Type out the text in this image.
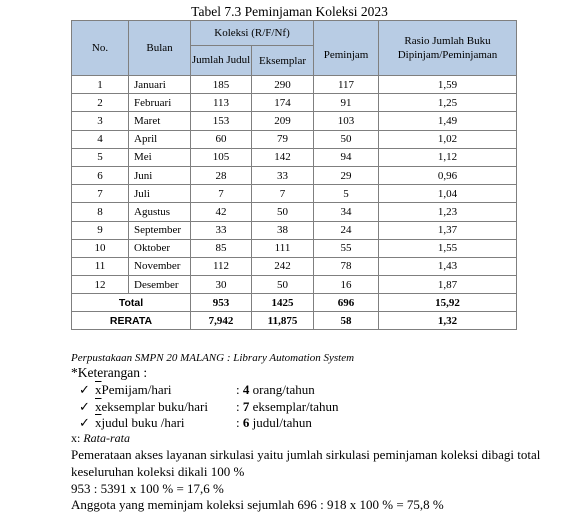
Tabel 7.3 Peminjaman Koleksi 2023
No.	Bulan	Koleksi (R/F/Nf)		Peminjam	Rasio Jumlah Buku Dipinjam/Peminjaman
		Jumlah Judul	Eksemplar		
1	Januari	185	290	117	1,59
2	Februari	113	174	91	1,25
3	Maret	153	209	103	1,49
4	April	60	79	50	1,02
5	Mei	105	142	94	1,12
6	Juni	28	33	29	0,96
7	Juli	7	7	5	1,04
8	Agustus	42	50	34	1,23
9	September	33	38	24	1,37
10	Oktober	85	111	55	1,55
11	November	112	242	78	1,43
12	Desember	30	50	16	1,87
Total		953	1425	696	15,92
RERATA		7,942	11,875	58	1,32
Perpustakaan SMPN 20 MALANG : Library Automation System
*Keterangan :
✓ $\overline{x}Pemijam$/hari	: 4 orang/tahun
✓ $\overline{x}eksemplar$ buku/hari : 7 eksemplar/tahun
✓ $\overline{x}judul$ buku /hari	: 6 judul/tahun
x: Rata-rata
Pemerataan akses layanan sirkulasi yaitu jumlah sirkulasi peminjaman koleksi dibagi total
keseluruhan koleksi dikali 100 %
953 : 5391 x 100 % = 17,6 %
Anggota yang meminjam koleksi sejumlah 696 : 918 x 100 % = 75,8 %
